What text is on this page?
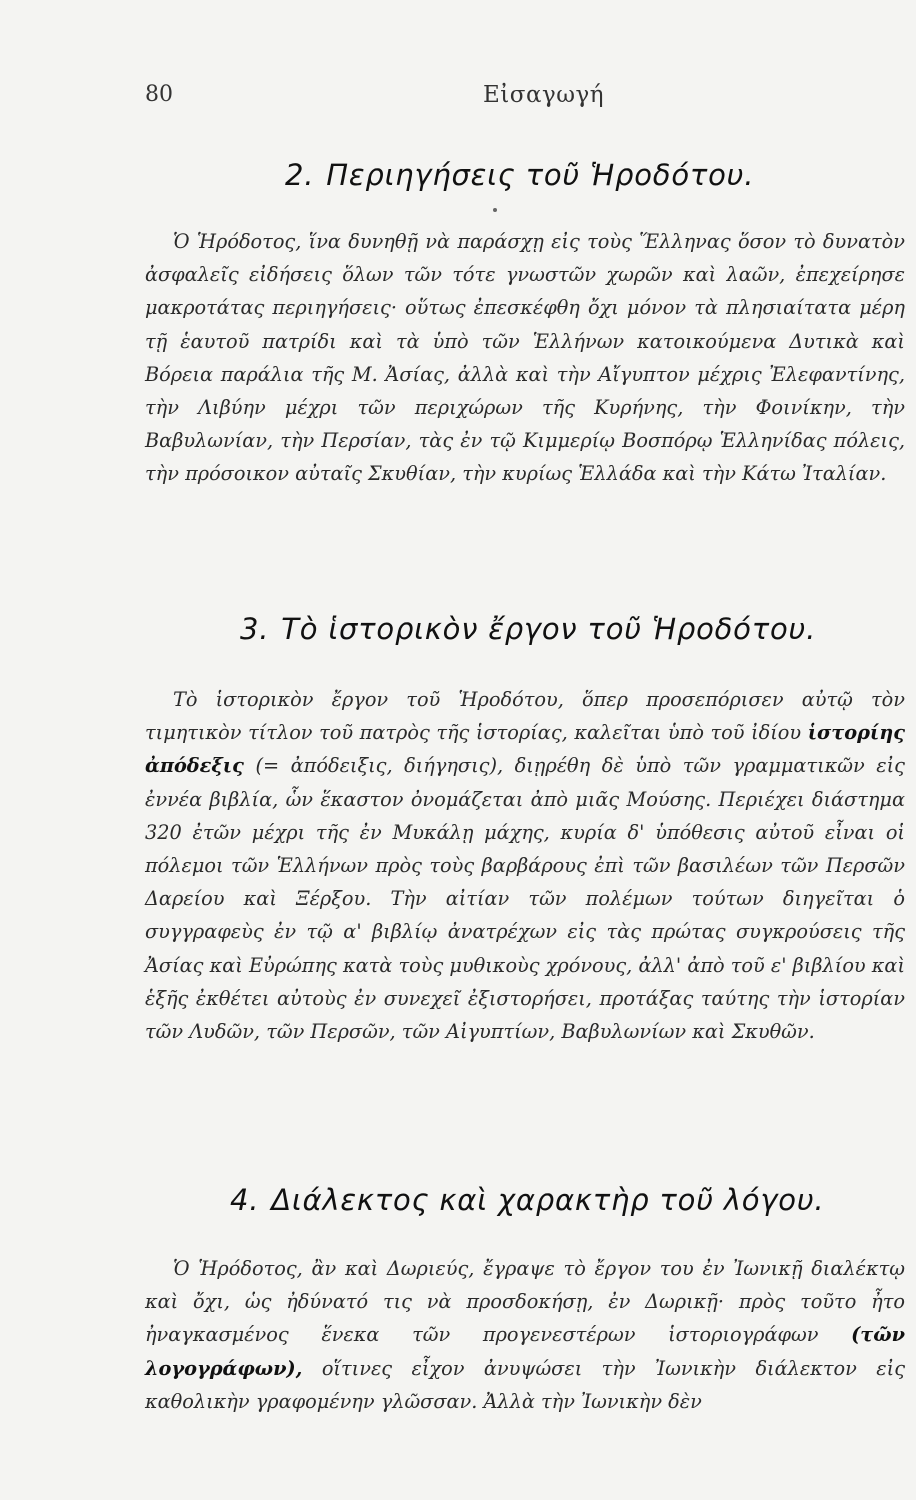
80	Εἰσαγωγή
2. Περιηγήσεις τοῦ Ἡροδότου.

Ὁ Ἡρόδοτος, ἵνα δυνηθῇ νὰ παράσχῃ εἰς τοὺς Ἕλληνας ὅσον τὸ δυνατὸν ἀσφαλεῖς εἰδήσεις ὅλων τῶν τότε γνωστῶν χωρῶν καὶ λαῶν, ἐπεχείρησε μακροτάτας περιηγήσεις· οὕτως ἐπεσκέφθη ὄχι μόνον τὰ πλησιαίτατα μέρη τῇ ἑαυτοῦ πατρίδι καὶ τὰ ὑπὸ τῶν Ἑλλήνων κατοικούμενα Δυτικὰ καὶ Βόρεια παράλια τῆς Μ. Ἀσίας, ἀλλὰ καὶ τὴν Αἴγυπτον μέχρις Ἐλεφαντίνης, τὴν Λιβύην μέχρι τῶν περιχώρων τῆς Κυρήνης, τὴν Φοινίκην, τὴν Βαβυλωνίαν, τὴν Περσίαν, τὰς ἐν τῷ Κιμμερίῳ Βοσπόρῳ Ἑλληνίδας πόλεις, τὴν πρόσοικον αὐταῖς Σκυθίαν, τὴν κυρίως Ἑλλάδα καὶ τὴν Κάτω Ἰταλίαν.

3. Τὸ ἱστορικὸν ἔργον τοῦ Ἡροδότου.

Τὸ ἱστορικὸν ἔργον τοῦ Ἡροδότου, ὅπερ προσεπόρισεν αὐτῷ τὸν τιμητικὸν τίτλον τοῦ πατρὸς τῆς ἱστορίας, καλεῖται ὑπὸ τοῦ ἰδίου ἱστορίης ἀπόδεξις (= ἀπόδειξις, διήγησις), διῃρέθη δὲ ὑπὸ τῶν γραμματικῶν εἰς ἐννέα βιβλία, ὧν ἕκαστον ὀνομάζεται ἀπὸ μιᾶς Μούσης. Περιέχει διάστημα 320 ἐτῶν μέχρι τῆς ἐν Μυκάλῃ μάχης, κυρία δ' ὑπόθεσις αὐτοῦ εἶναι οἱ πόλεμοι τῶν Ἑλλήνων πρὸς τοὺς βαρβάρους ἐπὶ τῶν βασιλέων τῶν Περσῶν Δαρείου καὶ Ξέρξου. Τὴν αἰτίαν τῶν πολέμων τούτων διηγεῖται ὁ συγγραφεὺς ἐν τῷ α' βιβλίῳ ἀνατρέχων εἰς τὰς πρώτας συγκρούσεις τῆς Ἀσίας καὶ Εὐρώπης κατὰ τοὺς μυθικοὺς χρόνους, ἀλλ' ἀπὸ τοῦ ε' βιβλίου καὶ ἑξῆς ἐκθέτει αὐτοὺς ἐν συνεχεῖ ἐξιστορήσει, προτάξας ταύτης τὴν ἱστορίαν τῶν Λυδῶν, τῶν Περσῶν, τῶν Αἰγυπτίων, Βαβυλωνίων καὶ Σκυθῶν.

4. Διάλεκτος καὶ χαρακτὴρ τοῦ λόγου.

Ὁ Ἡρόδοτος, ἂν καὶ Δωριεύς, ἔγραψε τὸ ἔργον του ἐν Ἰωνικῇ διαλέκτῳ καὶ ὄχι, ὡς ἠδύνατό τις νὰ προσδοκήσῃ, ἐν Δωρικῇ· πρὸς τοῦτο ἦτο ἠναγκασμένος ἕνεκα τῶν προγενεστέρων ἱστοριογράφων (τῶν λογογράφων), οἵτινες εἶχον ἀνυψώσει τὴν Ἰωνικὴν διάλεκτον εἰς καθολικὴν γραφομένην γλῶσσαν. Ἀλλὰ τὴν Ἰωνικὴν δὲν
